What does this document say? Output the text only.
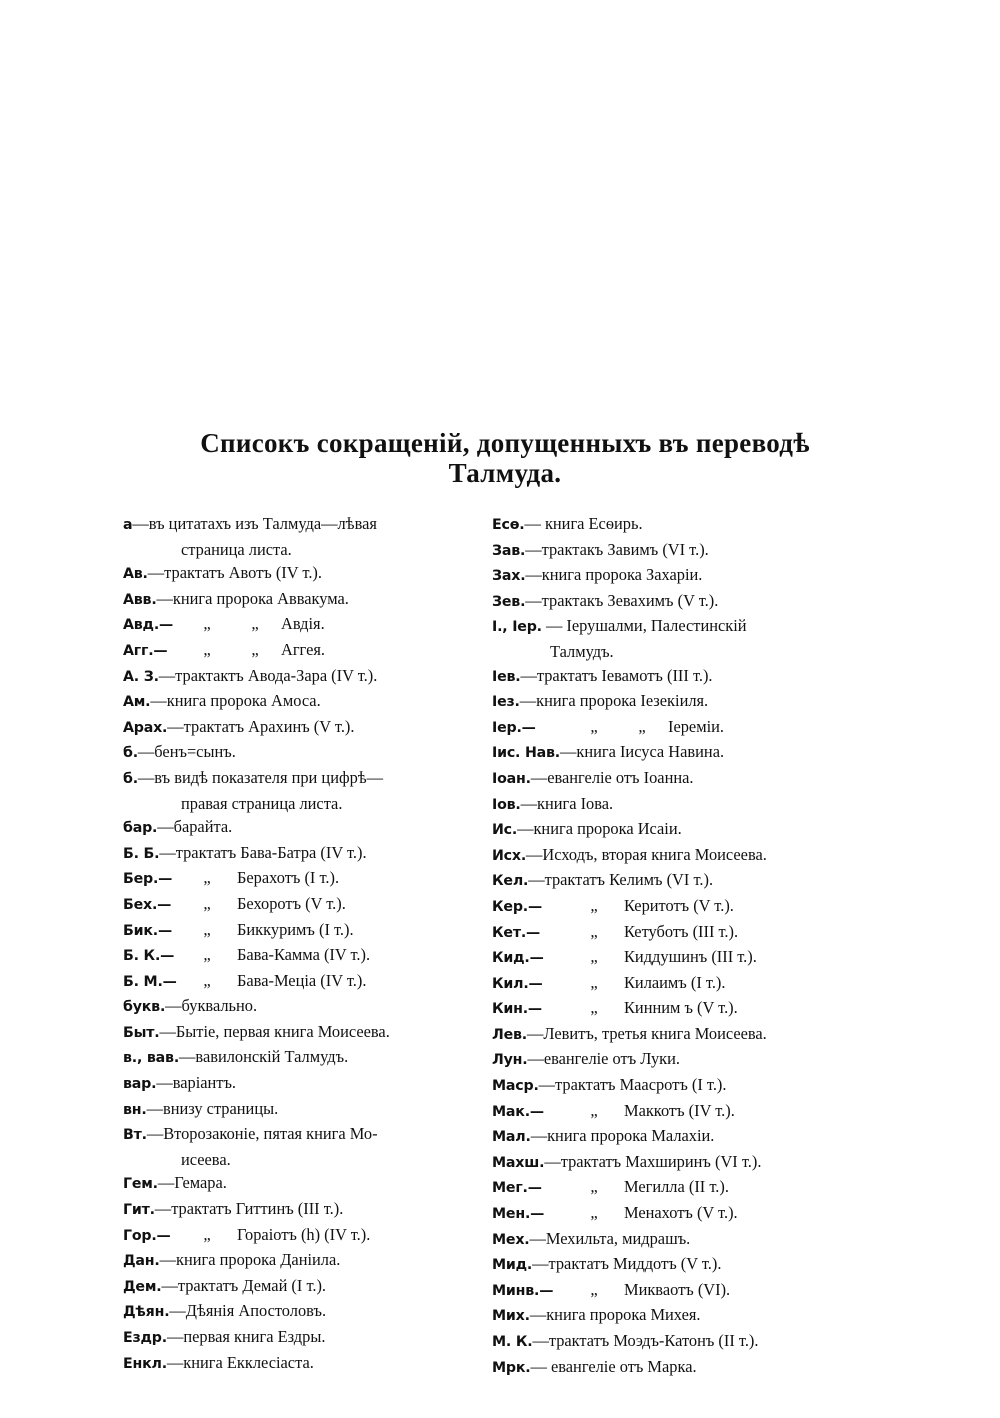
Списокъ сокращеній, допущенныхъ въ переводѣ
Талмуда.
а—въ цитатахъ изъ Талмуда—лѣвая
страница листа.
Ав.—трактатъ Авотъ (IV т.).
Авв.—книга пророка Аввакума.
Авд.— „ „ Авдія.
Агг.— „ „ Аггея.
А. З.—трактактъ Авода-Зара (IV т.).
Ам.—книга пророка Амоса.
Арах.—трактатъ Арахинъ (V т.).
б.—бенъ=сынъ.
б.—въ видѣ показателя при цифрѣ—
правая страница листа.
бар.—барайта.
Б. Б.—трактатъ Бава-Батра (IV т.).
Бер.— „ Берахотъ (I т.).
Бех.— „ Бехоротъ (V т.).
Бик.— „ Биккуримъ (I т.).
Б. К.— „ Бава-Камма (IV т.).
Б. М.— „ Бава-Меціа (IV т.).
букв.—буквально.
Быт.—Бытіе, первая книга Моисеева.
в., вав.—вавилонскій Талмудъ.
вар.—варіантъ.
вн.—внизу страницы.
Вт.—Второзаконіе, пятая книга Мо-
исеева.
Гем.—Гемара.
Гит.—трактатъ Гиттинъ (III т.).
Гор.— „ Гораіотъ (h) (IV т.).
Дан.—книга пророка Даніила.
Дем.—трактатъ Демай (I т.).
Дѣян.—Дѣянія Апостоловъ.
Ездр.—первая книга Ездры.
Енкл.—книга Екклесіаста.
Есѳ.— книга Есѳирь.
Зав.—трактакъ Завимъ (VI т.).
Зах.—книга пророка Захаріи.
Зев.—трактакъ Зевахимъ (V т.).
І., Іер. — Іерушалми, Палестинскій
Талмудъ.
Іев.—трактатъ Іевамотъ (III т.).
Іез.—книга пророка Іезекіиля.
Іер.—	„ „ Іеремiи.
Іис. Нав.—книга Іисуса Навина.
Іоан.—евангеліе отъ Іоанна.
Іов.—книга Іова.
Ис.—книга пророка Исаіи.
Исх.—Исходъ, вторая книга Моисеева.
Кел.—трактатъ Келимъ (VI т.).
Кер.—	„ Керитотъ (V т.).
Кет.—	„ Кетуботъ (III т.).
Кид.—	„ Киддушинъ (III т.).
Кил.—	„ Килаимъ (I т.).
Кин.—	„ Кинним ъ (V т.).
Лев.—Левитъ, третья книга Моисеева.
Лун.—евангеліе отъ Луки.
Маср.—трактатъ Маасротъ (I т.).
Мак.—	„ Маккотъ (IV т.).
Мал.—книга пророка Малахіи.
Махш.—трактатъ Махширинъ (VI т.).
Мег.—	„ Мегилла (II т.).
Мен.—	„ Менахотъ (V т.).
Мех.—Мехильта, мидрашъ.
Мид.—трактатъ Миддотъ (V т.).
Минв.— „ Микваотъ (VI).
Мих.—книга пророка Михея.
М. К.—трактатъ Моэдъ-Катонъ (II т.).
Мрк.— евангеліе отъ Марка.
